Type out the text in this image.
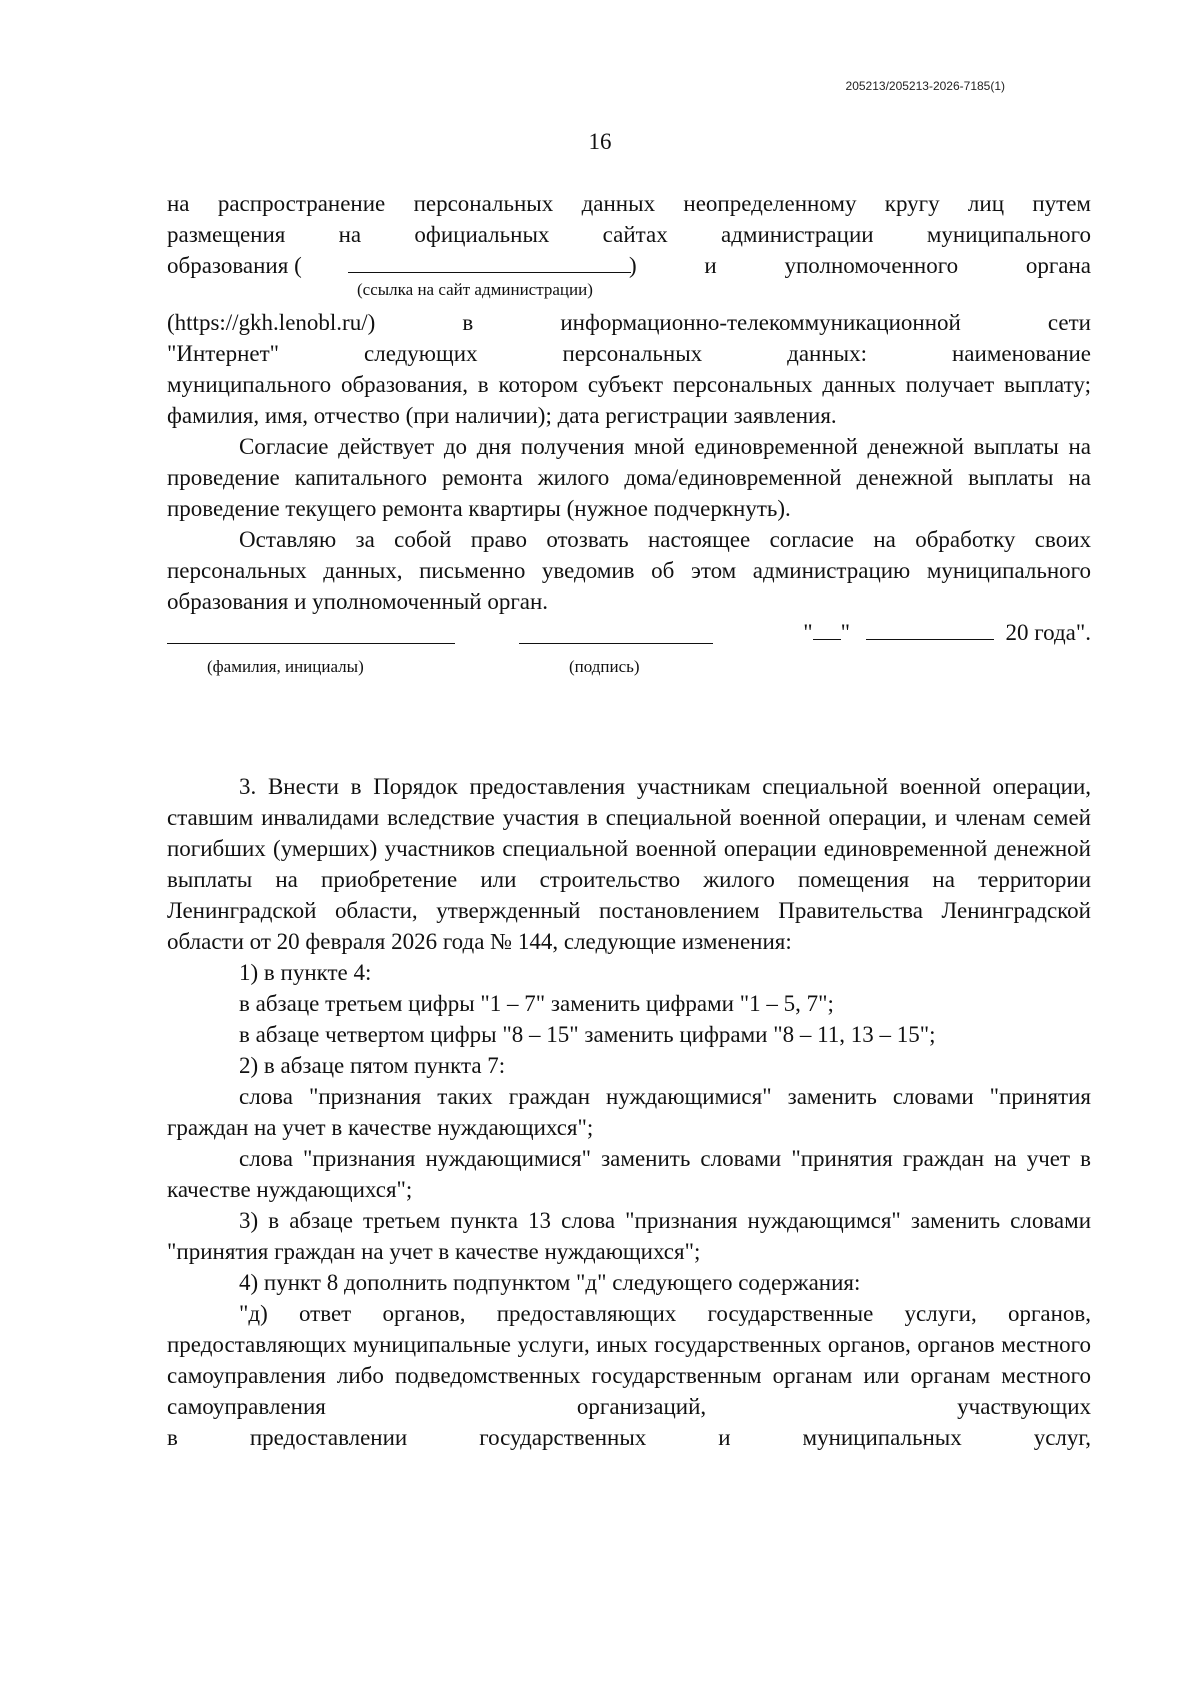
205213/205213-2026-7185(1)
16
на распространение персональных данных неопределенному кругу лиц путем
размещения на официальных сайтах администрации муниципального
образования (	) и уполномоченного органа
(ссылка на сайт администрации)
(https://gkh.lenobl.ru/) в информационно-телекоммуникационной сети
"Интернет" следующих персональных данных: наименование

муниципального образования, в котором субъект персональных данных получает выплату; фамилия, имя, отчество (при наличии); дата регистрации заявления.

Согласие действует до дня получения мной единовременной денежной выплаты на проведение капитального ремонта жилого дома/единовременной денежной выплаты на проведение текущего ремонта квартиры (нужное подчеркнуть).

Оставляю за собой право отозвать настоящее согласие на обработку своих персональных данных, письменно уведомив об этом администрацию муниципального образования и уполномоченный орган.

(фамилия, инициалы)	(подпись)
" "	20 года".

3. Внести в Порядок предоставления участникам специальной военной операции, ставшим инвалидами вследствие участия в специальной военной операции, и членам семей погибших (умерших) участников специальной военной операции единовременной денежной выплаты на приобретение или строительство жилого помещения на территории Ленинградской области, утвержденный постановлением Правительства Ленинградской области от 20 февраля 2026 года № 144, следующие изменения:

1) в пункте 4:

в абзаце третьем цифры "1 – 7" заменить цифрами "1 – 5, 7";

в абзаце четвертом цифры "8 – 15" заменить цифрами "8 – 11, 13 – 15";

2) в абзаце пятом пункта 7:

слова "признания таких граждан нуждающимися" заменить словами "принятия граждан на учет в качестве нуждающихся";

слова "признания нуждающимися" заменить словами "принятия граждан на учет в качестве нуждающихся";

3) в абзаце третьем пункта 13 слова "признания нуждающимся" заменить словами "принятия граждан на учет в качестве нуждающихся";

4) пункт 8 дополнить подпунктом "д" следующего содержания:

"д) ответ органов, предоставляющих государственные услуги, органов, предоставляющих муниципальные услуги, иных государственных органов, органов местного самоуправления либо подведомственных государственным органам или органам местного самоуправления организаций, участвующих

в предоставлении государственных и муниципальных услуг,
